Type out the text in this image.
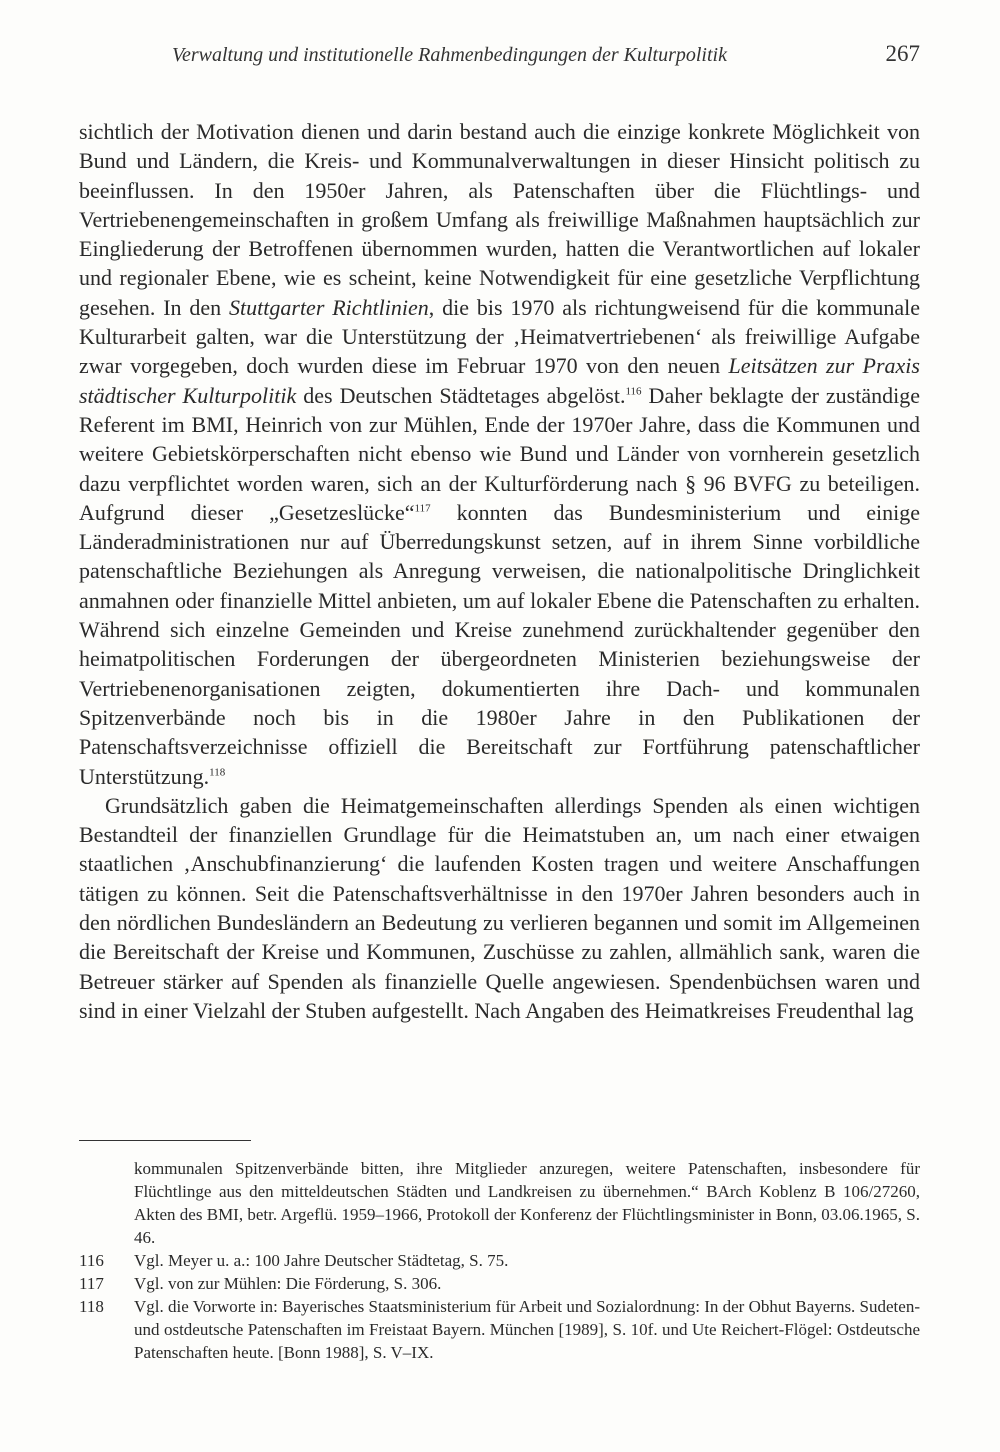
Verwaltung und institutionelle Rahmenbedingungen der Kulturpolitik	267

sichtlich der Motivation dienen und darin bestand auch die einzige konkrete Möglichkeit von Bund und Ländern, die Kreis- und Kommunalverwaltungen in dieser Hinsicht politisch zu beeinflussen. In den 1950er Jahren, als Patenschaften über die Flüchtlings- und Vertriebenengemeinschaften in großem Umfang als freiwillige Maßnahmen hauptsächlich zur Eingliederung der Betroffenen übernommen wurden, hatten die Verantwortlichen auf lokaler und regionaler Ebene, wie es scheint, keine Notwendigkeit für eine gesetzliche Verpflichtung gesehen. In den Stuttgarter Richtlinien, die bis 1970 als richtungweisend für die kommunale Kulturarbeit galten, war die Unterstützung der ‚Heimatvertriebenen‘ als freiwillige Aufgabe zwar vorgegeben, doch wurden diese im Februar 1970 von den neuen Leitsätzen zur Praxis städtischer Kulturpolitik des Deutschen Städtetages abgelöst.$^{116}$ Daher beklagte der zuständige Referent im BMI, Heinrich von zur Mühlen, Ende der 1970er Jahre, dass die Kommunen und weitere Gebietskörperschaften nicht ebenso wie Bund und Länder von vornherein gesetzlich dazu verpflichtet worden waren, sich an der Kulturförderung nach § 96 BVFG zu beteiligen. Aufgrund dieser „Gesetzeslücke“$^{117}$ konnten das Bundesministerium und einige Länderadministrationen nur auf Überredungskunst setzen, auf in ihrem Sinne vorbildliche patenschaftliche Beziehungen als Anregung verweisen, die nationalpolitische Dringlichkeit anmahnen oder finanzielle Mittel anbieten, um auf lokaler Ebene die Patenschaften zu erhalten. Während sich einzelne Gemeinden und Kreise zunehmend zurückhaltender gegenüber den heimatpolitischen Forderungen der übergeordneten Ministerien beziehungsweise der Vertriebenenorganisationen zeigten, dokumentierten ihre Dach- und kommunalen Spitzenverbände noch bis in die 1980er Jahre in den Publikationen der Patenschaftsverzeichnisse offiziell die Bereitschaft zur Fortführung patenschaftlicher Unterstützung.$^{118}$

Grundsätzlich gaben die Heimatgemeinschaften allerdings Spenden als einen wichtigen Bestandteil der finanziellen Grundlage für die Heimatstuben an, um nach einer etwaigen staatlichen ‚Anschubfinanzierung‘ die laufenden Kosten tragen und weitere Anschaffungen tätigen zu können. Seit die Patenschaftsverhältnisse in den 1970er Jahren besonders auch in den nördlichen Bundesländern an Bedeutung zu verlieren begannen und somit im Allgemeinen die Bereitschaft der Kreise und Kommunen, Zuschüsse zu zahlen, allmählich sank, waren die Betreuer stärker auf Spenden als finanzielle Quelle angewiesen. Spendenbüchsen waren und sind in einer Vielzahl der Stuben aufgestellt. Nach Angaben des Heimatkreises Freudenthal lag

kommunalen Spitzenverbände bitten, ihre Mitglieder anzuregen, weitere Patenschaften, insbesondere für Flüchtlinge aus den mitteldeutschen Städten und Landkreisen zu übernehmen.“ BArch Koblenz B 106/27260, Akten des BMI, betr. Argeflü. 1959–1966, Protokoll der Konferenz der Flüchtlingsminister in Bonn, 03.06.1965, S. 46.

116	Vgl. Meyer u. a.: 100 Jahre Deutscher Städtetag, S. 75.

117	Vgl. von zur Mühlen: Die Förderung, S. 306.

118	Vgl. die Vorworte in: Bayerisches Staatsministerium für Arbeit und Sozialordnung: In der Obhut Bayerns. Sudeten- und ostdeutsche Patenschaften im Freistaat Bayern. München [1989], S. 10f. und Ute Reichert-Flögel: Ostdeutsche Patenschaften heute. [Bonn 1988], S. V–IX.
